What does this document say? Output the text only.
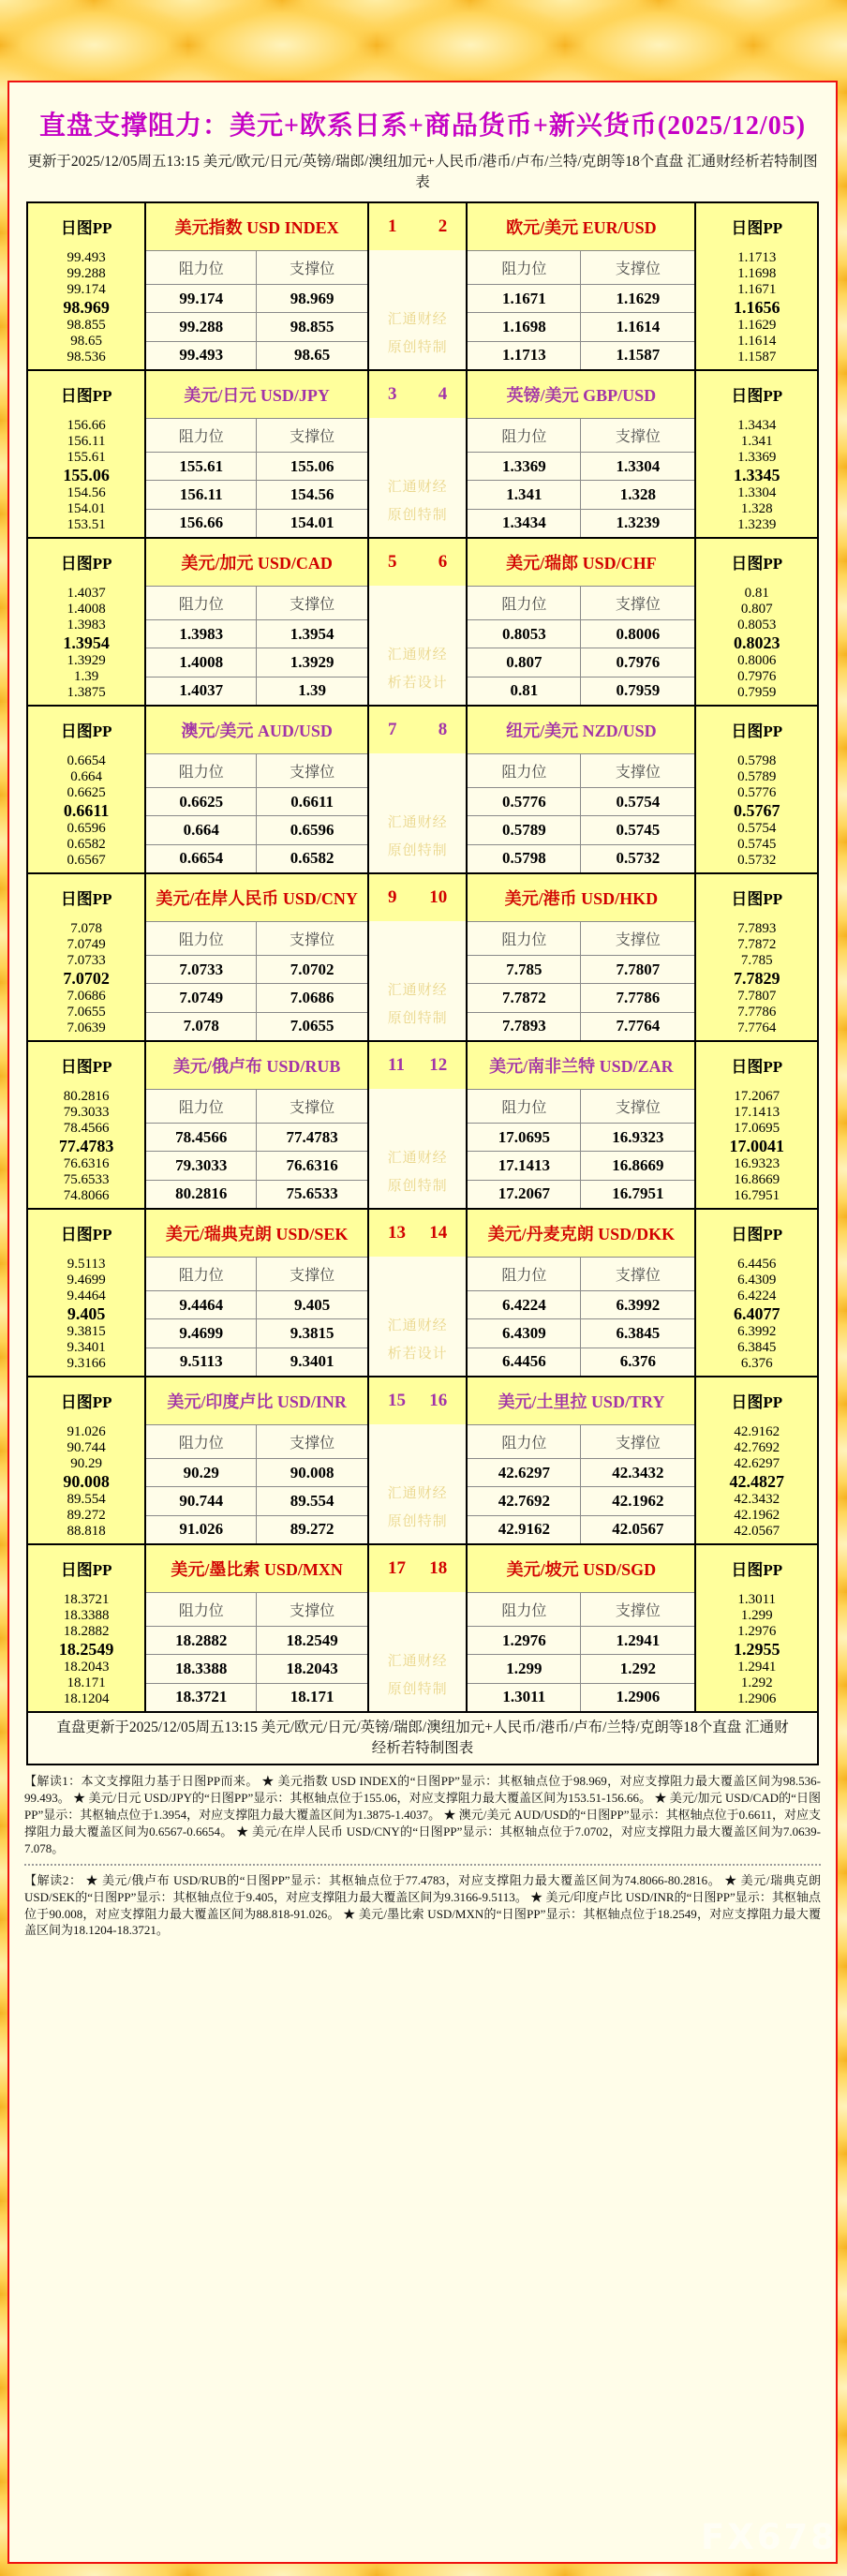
直盘支撑阻力：美元+欧系日系+商品货币+新兴货币(2025/12/05)
更新于2025/12/05周五13:15 美元/欧元/日元/英镑/瑞郎/澳纽加元+人民币/港币/卢布/兰特/克朗等18个直盘 汇通财经析若特制图表
日图PP
99.493
99.288
99.174
98.969
98.855
98.65
98.536
美元指数 USD INDEX
阻力位	支撑位
99.174	98.969
99.288	98.855
99.493	98.65
1 2
汇通财经
原创特制
欧元/美元 EUR/USD
阻力位	支撑位
1.1671	1.1629
1.1698	1.1614
1.1713	1.1587
日图PP
1.1713
1.1698
1.1671
1.1656
1.1629
1.1614
1.1587
日图PP
156.66
156.11
155.61
155.06
154.56
154.01
153.51
美元/日元 USD/JPY
阻力位	支撑位
155.61	155.06
156.11	154.56
156.66	154.01
3 4
汇通财经
原创特制
英镑/美元 GBP/USD
阻力位	支撑位
1.3369	1.3304
1.341	1.328
1.3434	1.3239
日图PP
1.3434
1.341
1.3369
1.3345
1.3304
1.328
1.3239
日图PP
1.4037
1.4008
1.3983
1.3954
1.3929
1.39
1.3875
美元/加元 USD/CAD
阻力位	支撑位
1.3983	1.3954
1.4008	1.3929
1.4037	1.39
5 6
汇通财经
析若设计
美元/瑞郎 USD/CHF
阻力位	支撑位
0.8053	0.8006
0.807	0.7976
0.81	0.7959
日图PP
0.81
0.807
0.8053
0.8023
0.8006
0.7976
0.7959
日图PP
0.6654
0.664
0.6625
0.6611
0.6596
0.6582
0.6567
澳元/美元 AUD/USD
阻力位	支撑位
0.6625	0.6611
0.664	0.6596
0.6654	0.6582
7 8
汇通财经
原创特制
纽元/美元 NZD/USD
阻力位	支撑位
0.5776	0.5754
0.5789	0.5745
0.5798	0.5732
日图PP
0.5798
0.5789
0.5776
0.5767
0.5754
0.5745
0.5732
日图PP
7.078
7.0749
7.0733
7.0702
7.0686
7.0655
7.0639
美元/在岸人民币 USD/CNY
阻力位	支撑位
7.0733	7.0702
7.0749	7.0686
7.078	7.0655
9 10
汇通财经
原创特制
美元/港币 USD/HKD
阻力位	支撑位
7.785	7.7807
7.7872	7.7786
7.7893	7.7764
日图PP
7.7893
7.7872
7.785
7.7829
7.7807
7.7786
7.7764
日图PP
80.2816
79.3033
78.4566
77.4783
76.6316
75.6533
74.8066
美元/俄卢布 USD/RUB
阻力位	支撑位
78.4566	77.4783
79.3033	76.6316
80.2816	75.6533
11 12
汇通财经
原创特制
美元/南非兰特 USD/ZAR
阻力位	支撑位
17.0695	16.9323
17.1413	16.8669
17.2067	16.7951
日图PP
17.2067
17.1413
17.0695
17.0041
16.9323
16.8669
16.7951
日图PP
9.5113
9.4699
9.4464
9.405
9.3815
9.3401
9.3166
美元/瑞典克朗 USD/SEK
阻力位	支撑位
9.4464	9.405
9.4699	9.3815
9.5113	9.3401
13 14
汇通财经
析若设计
美元/丹麦克朗 USD/DKK
阻力位	支撑位
6.4224	6.3992
6.4309	6.3845
6.4456	6.376
日图PP
6.4456
6.4309
6.4224
6.4077
6.3992
6.3845
6.376
日图PP
91.026
90.744
90.29
90.008
89.554
89.272
88.818
美元/印度卢比 USD/INR
阻力位	支撑位
90.29	90.008
90.744	89.554
91.026	89.272
15 16
汇通财经
原创特制
美元/土里拉 USD/TRY
阻力位	支撑位
42.6297	42.3432
42.7692	42.1962
42.9162	42.0567
日图PP
42.9162
42.7692
42.6297
42.4827
42.3432
42.1962
42.0567
日图PP
18.3721
18.3388
18.2882
18.2549
18.2043
18.171
18.1204
美元/墨比索 USD/MXN
阻力位	支撑位
18.2882	18.2549
18.3388	18.2043
18.3721	18.171
17 18
汇通财经
原创特制
美元/坡元 USD/SGD
阻力位	支撑位
1.2976	1.2941
1.299	1.292
1.3011	1.2906
日图PP
1.3011
1.299
1.2976
1.2955
1.2941
1.292
1.2906
直盘更新于2025/12/05周五13:15 美元/欧元/日元/英镑/瑞郎/澳纽加元+人民币/港币/卢布/兰特/克朗等18个直盘 汇通财经析若特制图表

【解读1：本文支撑阻力基于日图PP而来。 ★ 美元指数 USD INDEX的“日图PP”显示：其枢轴点位于98.969，对应支撑阻力最大覆盖区间为98.536-99.493。 ★ 美元/日元 USD/JPY的“日图PP”显示：其枢轴点位于155.06，对应支撑阻力最大覆盖区间为153.51-156.66。 ★ 美元/加元 USD/CAD的“日图PP”显示：其枢轴点位于1.3954，对应支撑阻力最大覆盖区间为1.3875-1.4037。 ★ 澳元/美元 AUD/USD的“日图PP”显示：其枢轴点位于0.6611，对应支撑阻力最大覆盖区间为0.6567-0.6654。 ★ 美元/在岸人民币 USD/CNY的“日图PP”显示：其枢轴点位于7.0702，对应支撑阻力最大覆盖区间为7.0639-7.078。

【解读2： ★ 美元/俄卢布 USD/RUB的“日图PP”显示：其枢轴点位于77.4783，对应支撑阻力最大覆盖区间为74.8066-80.2816。 ★ 美元/瑞典克朗 USD/SEK的“日图PP”显示：其枢轴点位于9.405，对应支撑阻力最大覆盖区间为9.3166-9.5113。 ★ 美元/印度卢比 USD/INR的“日图PP”显示：其枢轴点位于90.008，对应支撑阻力最大覆盖区间为88.818-91.026。 ★ 美元/墨比索 USD/MXN的“日图PP”显示：其枢轴点位于18.2549，对应支撑阻力最大覆盖区间为18.1204-18.3721。

FX678
